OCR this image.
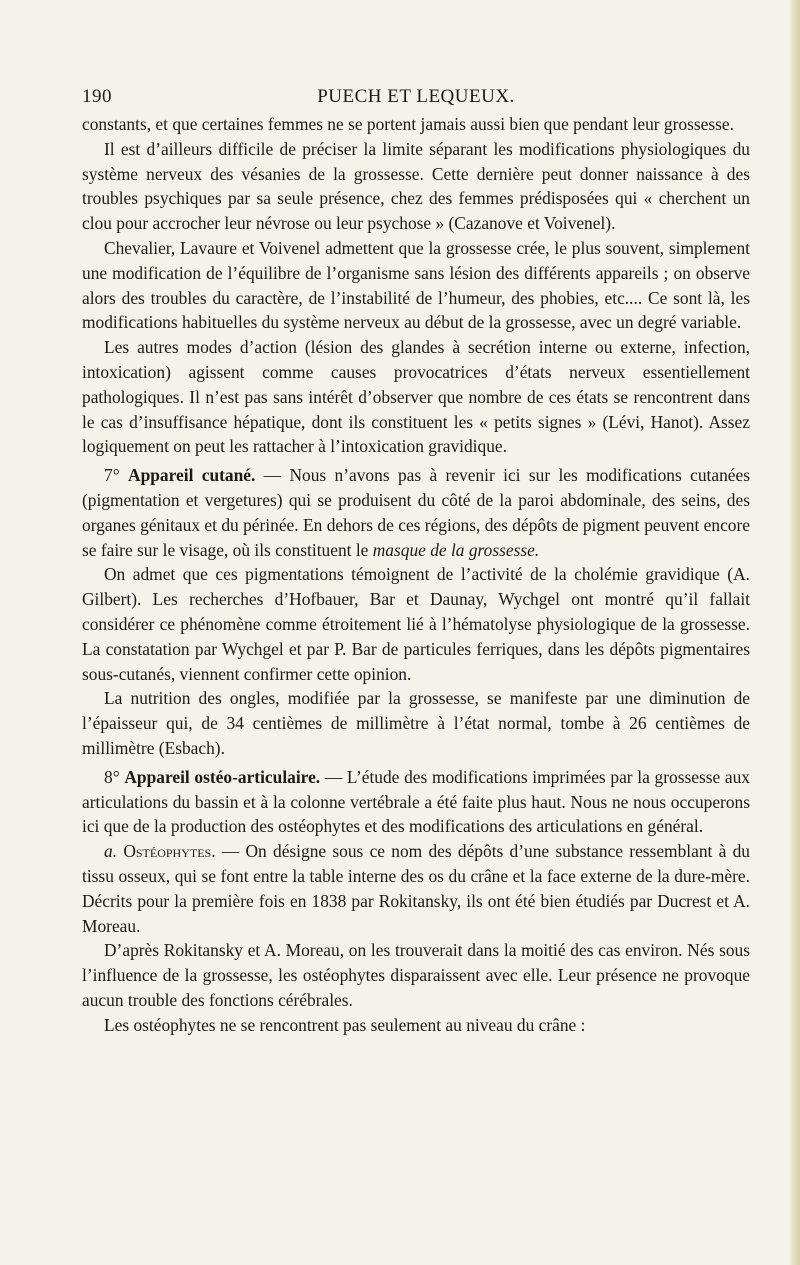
190	PUECH ET LEQUEUX.

constants, et que certaines femmes ne se portent jamais aussi bien que pendant leur grossesse.

Il est d’ailleurs difficile de préciser la limite séparant les modifications physiologiques du système nerveux des vésanies de la grossesse. Cette dernière peut donner naissance à des troubles psychiques par sa seule présence, chez des femmes prédisposées qui « cherchent un clou pour accrocher leur névrose ou leur psychose » (Cazanove et Voivenel).

Chevalier, Lavaure et Voivenel admettent que la grossesse crée, le plus souvent, simplement une modification de l’équilibre de l’organisme sans lésion des différents appareils ; on observe alors des troubles du caractère, de l’instabilité de l’humeur, des phobies, etc.... Ce sont là, les modifications habituelles du système nerveux au début de la grossesse, avec un degré variable.

Les autres modes d’action (lésion des glandes à secrétion interne ou externe, infection, intoxication) agissent comme causes provocatrices d’états nerveux essentiellement pathologiques. Il n’est pas sans intérêt d’observer que nombre de ces états se rencontrent dans le cas d’insuffisance hépatique, dont ils constituent les « petits signes » (Lévi, Hanot). Assez logiquement on peut les rattacher à l’intoxication gravidique.

7° Appareil cutané. — Nous n’avons pas à revenir ici sur les modifications cutanées (pigmentation et vergetures) qui se produisent du côté de la paroi abdominale, des seins, des organes génitaux et du périnée. En dehors de ces régions, des dépôts de pigment peuvent encore se faire sur le visage, où ils constituent le masque de la grossesse.

On admet que ces pigmentations témoignent de l’activité de la cholémie gravidique (A. Gilbert). Les recherches d’Hofbauer, Bar et Daunay, Wychgel ont montré qu’il fallait considérer ce phénomène comme étroitement lié à l’hématolyse physiologique de la grossesse. La constatation par Wychgel et par P. Bar de particules ferriques, dans les dépôts pigmentaires sous-cutanés, viennent confirmer cette opinion.

La nutrition des ongles, modifiée par la grossesse, se manifeste par une diminution de l’épaisseur qui, de 34 centièmes de millimètre à l’état normal, tombe à 26 centièmes de millimètre (Esbach).

8° Appareil ostéo-articulaire. — L’étude des modifications imprimées par la grossesse aux articulations du bassin et à la colonne vertébrale a été faite plus haut. Nous ne nous occuperons ici que de la production des ostéophytes et des modifications des articulations en général.

a. Ostéophytes. — On désigne sous ce nom des dépôts d’une substance ressemblant à du tissu osseux, qui se font entre la table interne des os du crâne et la face externe de la dure-mère. Décrits pour la première fois en 1838 par Rokitansky, ils ont été bien étudiés par Ducrest et A. Moreau.

D’après Rokitansky et A. Moreau, on les trouverait dans la moitié des cas environ. Nés sous l’influence de la grossesse, les ostéophytes disparaissent avec elle. Leur présence ne provoque aucun trouble des fonctions cérébrales.

Les ostéophytes ne se rencontrent pas seulement au niveau du crâne :
